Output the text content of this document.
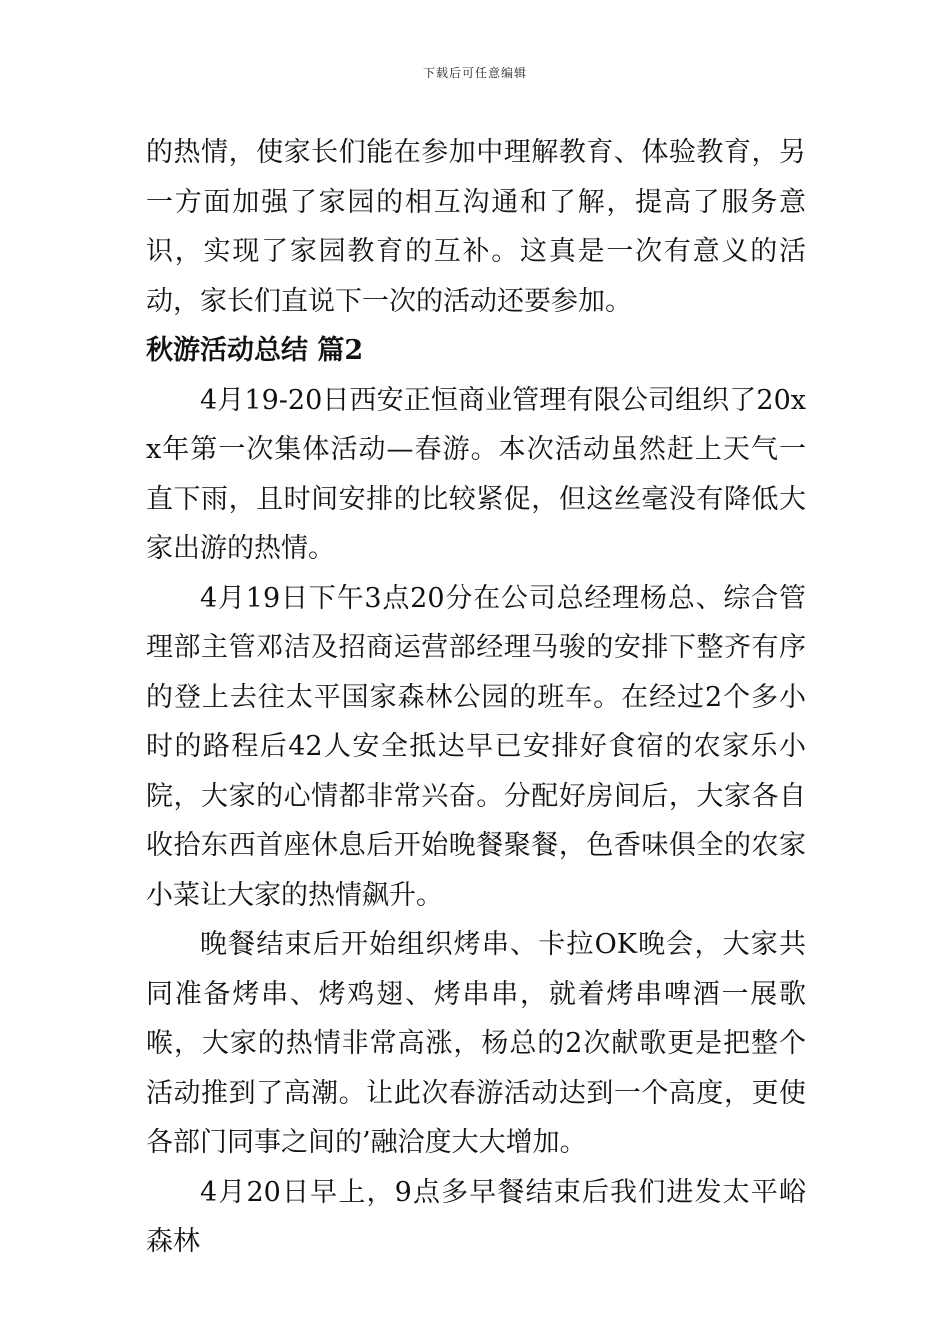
下载后可任意编辑

的热情，使家长们能在参加中理解教育、体验教育，另一方面加强了家园的相互沟通和了解，提高了服务意识，实现了家园教育的互补。这真是一次有意义的活动，家长们直说下一次的活动还要参加。

秋游活动总结 篇2

4月19-20日西安正恒商业管理有限公司组织了20xx年第一次集体活动—春游。本次活动虽然赶上天气一直下雨，且时间安排的比较紧促，但这丝毫没有降低大家出游的热情。

4月19日下午3点20分在公司总经理杨总、综合管理部主管邓洁及招商运营部经理马骏的安排下整齐有序的登上去往太平国家森林公园的班车。在经过2个多小时的路程后42人安全抵达早已安排好食宿的农家乐小院，大家的心情都非常兴奋。分配好房间后，大家各自收拾东西首座休息后开始晚餐聚餐，色香味俱全的农家小菜让大家的热情飙升。

晚餐结束后开始组织烤串、卡拉OK晚会，大家共同准备烤串、烤鸡翅、烤串串，就着烤串啤酒一展歌喉，大家的热情非常高涨，杨总的2次献歌更是把整个活动推到了高潮。让此次春游活动达到一个高度，更使各部门同事之间的’融洽度大大增加。

4月20日早上，9点多早餐结束后我们进发太平峪森林
